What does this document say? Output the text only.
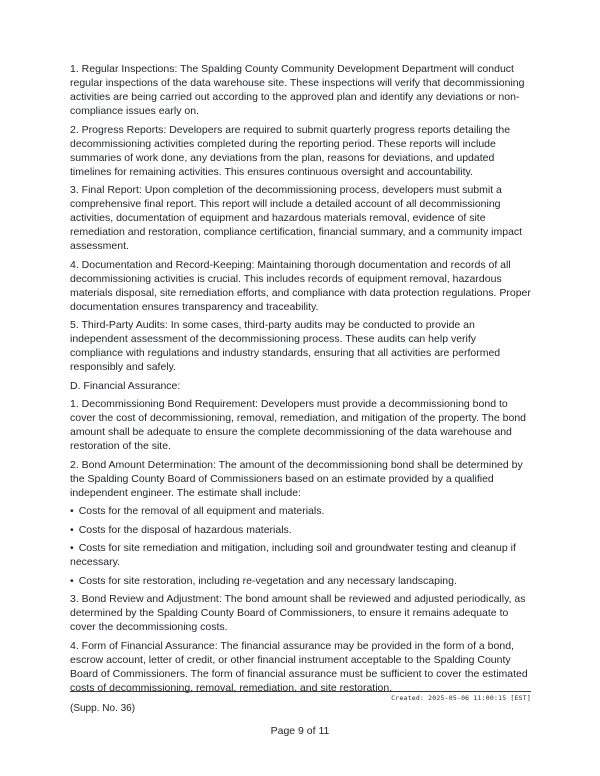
1. Regular Inspections: The Spalding County Community Development Department will conduct regular inspections of the data warehouse site. These inspections will verify that decommissioning activities are being carried out according to the approved plan and identify any deviations or non-compliance issues early on.

2. Progress Reports: Developers are required to submit quarterly progress reports detailing the decommissioning activities completed during the reporting period. These reports will include summaries of work done, any deviations from the plan, reasons for deviations, and updated timelines for remaining activities. This ensures continuous oversight and accountability.

3. Final Report: Upon completion of the decommissioning process, developers must submit a comprehensive final report. This report will include a detailed account of all decommissioning activities, documentation of equipment and hazardous materials removal, evidence of site remediation and restoration, compliance certification, financial summary, and a community impact assessment.

4. Documentation and Record-Keeping: Maintaining thorough documentation and records of all decommissioning activities is crucial. This includes records of equipment removal, hazardous materials disposal, site remediation efforts, and compliance with data protection regulations. Proper documentation ensures transparency and traceability.

5. Third-Party Audits: In some cases, third-party audits may be conducted to provide an independent assessment of the decommissioning process. These audits can help verify compliance with regulations and industry standards, ensuring that all activities are performed responsibly and safely.

D. Financial Assurance:

1. Decommissioning Bond Requirement: Developers must provide a decommissioning bond to cover the cost of decommissioning, removal, remediation, and mitigation of the property. The bond amount shall be adequate to ensure the complete decommissioning of the data warehouse and restoration of the site.

2. Bond Amount Determination: The amount of the decommissioning bond shall be determined by the Spalding County Board of Commissioners based on an estimate provided by a qualified independent engineer. The estimate shall include:

• Costs for the removal of all equipment and materials.

• Costs for the disposal of hazardous materials.

• Costs for site remediation and mitigation, including soil and groundwater testing and cleanup if necessary.

• Costs for site restoration, including re-vegetation and any necessary landscaping.

3. Bond Review and Adjustment: The bond amount shall be reviewed and adjusted periodically, as determined by the Spalding County Board of Commissioners, to ensure it remains adequate to cover the decommissioning costs.

4. Form of Financial Assurance: The financial assurance may be provided in the form of a bond, escrow account, letter of credit, or other financial instrument acceptable to the Spalding County Board of Commissioners. The form of financial assurance must be sufficient to cover the estimated costs of decommissioning, removal, remediation, and site restoration.

Created: 2025-05-06 11:00:15 [EST]
(Supp. No. 36)
Page 9 of 11
